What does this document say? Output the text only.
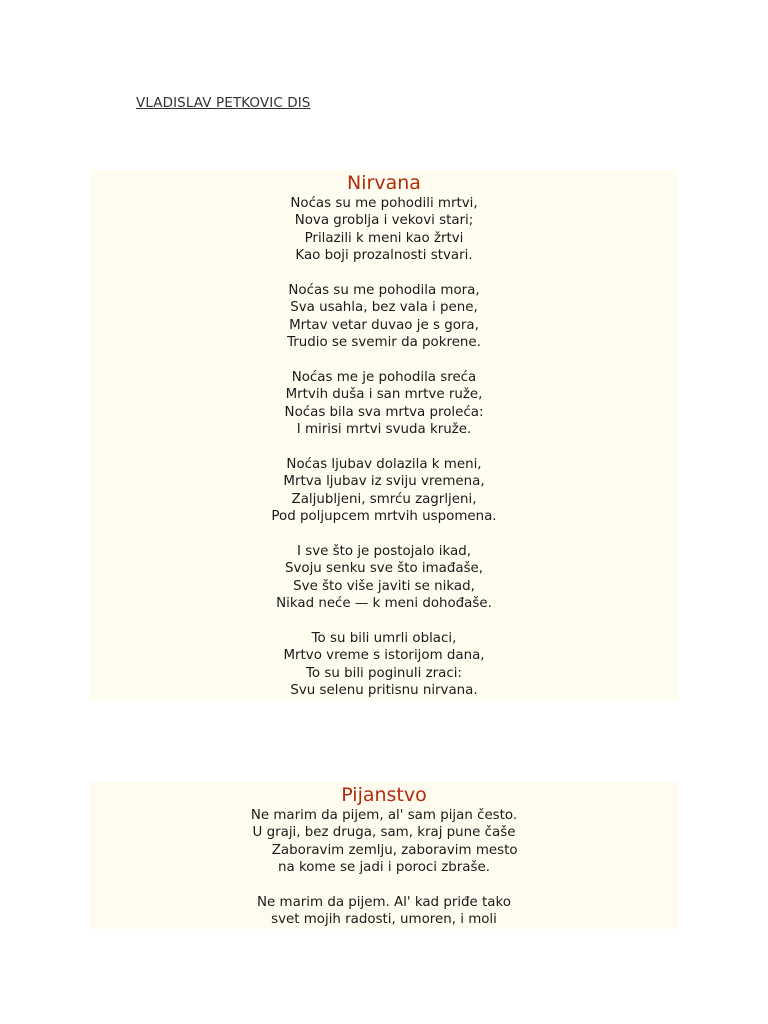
VLADISLAV PETKOVIC DIS
Nirvana
Noćas su me pohodili mrtvi,
Nova groblja i vekovi stari;
Prilazili k meni kao žrtvi
Kao boji prozalnosti stvari.
Noćas su me pohodila mora,
Sva usahla, bez vala i pene,
Mrtav vetar duvao je s gora,
Trudio se svemir da pokrene.
Noćas me je pohodila sreća
Mrtvih duša i san mrtve ruže,
Noćas bila sva mrtva proleća:
I mirisi mrtvi svuda kruže.
Noćas ljubav dolazila k meni,
Mrtva ljubav iz sviju vremena,
Zaljubljeni, smrću zagrljeni,
Pod poljupcem mrtvih uspomena.
I sve što je postojalo ikad,
Svoju senku sve što imađaše,
Sve što više javiti se nikad,
Nikad neće — k meni dohođaše.
To su bili umrli oblaci,
Mrtvo vreme s istorijom dana,
To su bili poginuli zraci:
Svu selenu pritisnu nirvana.
Pijanstvo
Ne marim da pijem, al' sam pijan često.
U graji, bez druga, sam, kraj pune čaše
Zaboravim zemlju, zaboravim mesto
na kome se jadi i poroci zbraše.
Ne marim da pijem. Al' kad priđe tako
svet mojih radosti, umoren, i moli
